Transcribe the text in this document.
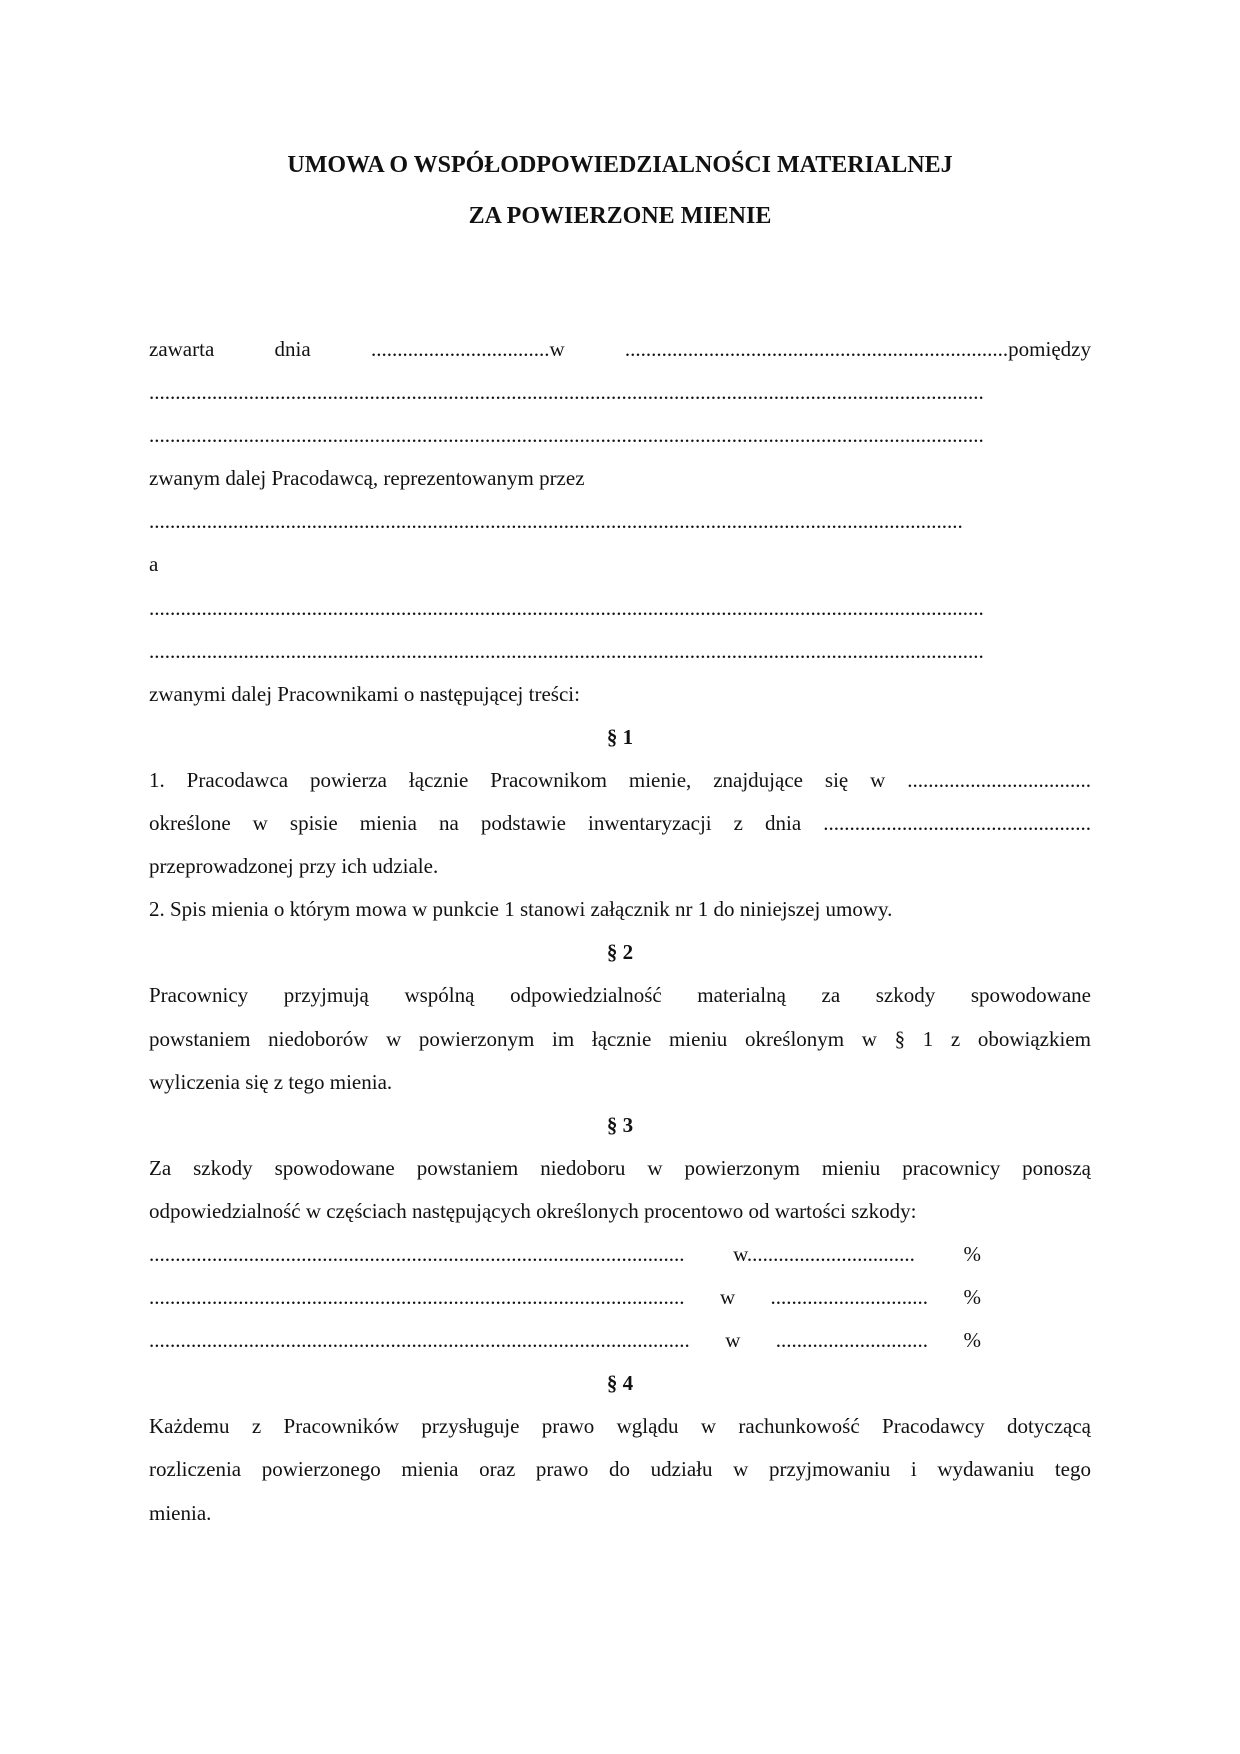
UMOWA O WSPÓŁODPOWIEDZIALNOŚCI MATERIALNEJ
ZA POWIERZONE MIENIE
zawarta dnia ..................................w .........................................................................pomiędzy
...............................................................................................................................................................
...............................................................................................................................................................
zwanym dalej Pracodawcą, reprezentowanym przez
...........................................................................................................................................................
a
...............................................................................................................................................................
...............................................................................................................................................................
zwanymi dalej Pracownikami o następującej treści:
§ 1
1. Pracodawca powierza łącznie Pracownikom mienie, znajdujące się w ...................................
określone w spisie mienia na podstawie inwentaryzacji z dnia ...................................................
przeprowadzonej przy ich udziale.
2. Spis mienia o którym mowa w punkcie 1 stanowi załącznik nr 1 do niniejszej umowy.
§ 2
Pracownicy przyjmują wspólną odpowiedzialność materialną za szkody spowodowane
powstaniem niedoborów w powierzonym im łącznie mieniu określonym w § 1 z obowiązkiem
wyliczenia się z tego mienia.
§ 3
Za szkody spowodowane powstaniem niedoboru w powierzonym mieniu pracownicy ponoszą
odpowiedzialność w częściach następujących określonych procentowo od wartości szkody:
...................................................................................................... w................................ %
...................................................................................................... w .............................. %
....................................................................................................... w ............................. %
§ 4
Każdemu z Pracowników przysługuje prawo wglądu w rachunkowość Pracodawcy dotyczącą
rozliczenia powierzonego mienia oraz prawo do udziału w przyjmowaniu i wydawaniu tego
mienia.
